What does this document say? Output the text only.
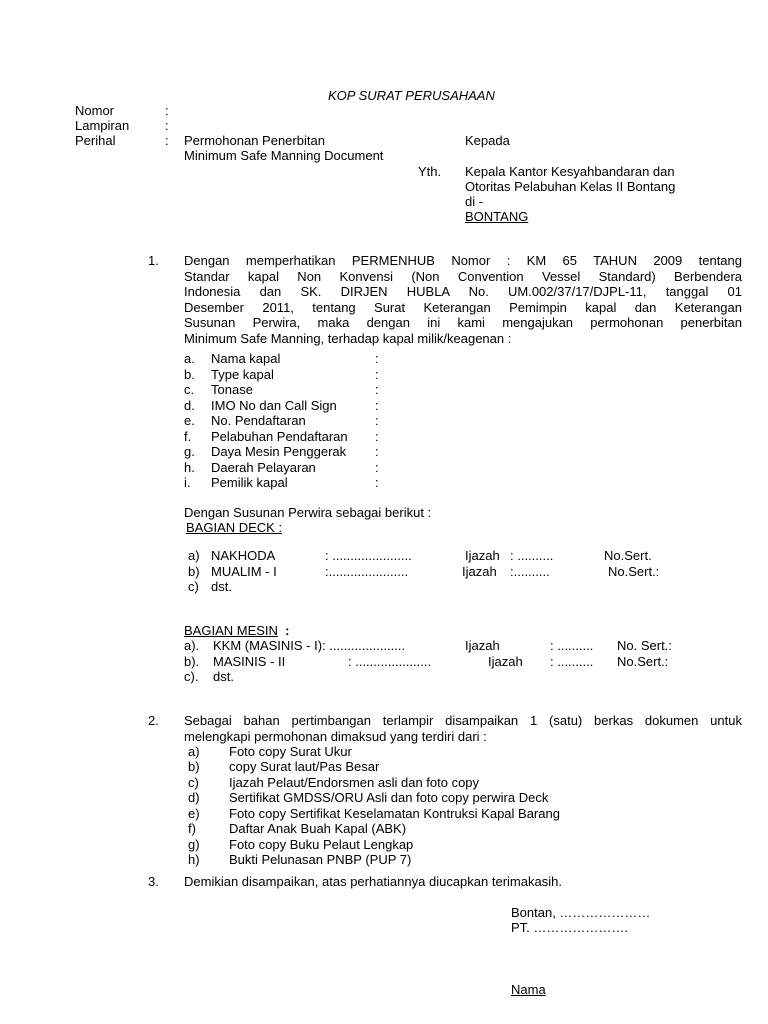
KOP SURAT PERUSAHAAN
Nomor	:
Lampiran	:
Perihal	: Permohonan Penerbitan
Minimum Safe Manning Document
Kepada
Yth. Kepala Kantor Kesyahbandaran dan
Otoritas Pelabuhan Kelas II Bontang
di -
BONTANG
1. Dengan memperhatikan PERMENHUB Nomor : KM 65 TAHUN 2009 tentang
Standar kapal Non Konvensi (Non Convention Vessel Standard) Berbendera
Indonesia dan SK. DIRJEN HUBLA No. UM.002/37/17/DJPL-11, tanggal 01
Desember 2011, tentang Surat Keterangan Pemimpin kapal dan Keterangan
Susunan Perwira, maka dengan ini kami mengajukan permohonan penerbitan
Minimum Safe Manning, terhadap kapal milik/keagenan :
a. Nama kapal	:
b. Type kapal	:
c. Tonase	:
d. IMO No dan Call Sign	:
e. No. Pendaftaran	:
f. Pelabuhan Pendaftaran :
g. Daya Mesin Penggerak :
h. Daerah Pelayaran	:
i. Pemilik kapal	:
Dengan Susunan Perwira sebagai berikut :
BAGIAN DECK :
a) NAKHODA	: ......................	Ijazah : ..........	No.Sert.
b) MUALIM - I	:......................	Ijazah :..........	No.Sert.:
c) dst.
BAGIAN MESIN :
a). KKM (MASINIS - I): .....................	Ijazah	: .......... No. Sert.:
b). MASINIS - II	: .....................	Ijazah : .......... No.Sert.:
c). dst.
2. Sebagai bahan pertimbangan terlampir disampaikan 1 (satu) berkas dokumen untuk
melengkapi permohonan dimaksud yang terdiri dari :
a) Foto copy Surat Ukur
b) copy Surat laut/Pas Besar
c) Ijazah Pelaut/Endorsmen asli dan foto copy
d) Sertifikat GMDSS/ORU Asli dan foto copy perwira Deck
e) Foto copy Sertifikat Keselamatan Kontruksi Kapal Barang
f)	Daftar Anak Buah Kapal (ABK)
g) Foto copy Buku Pelaut Lengkap
h) Bukti Pelunasan PNBP (PUP 7)
3. Demikian disampaikan, atas perhatiannya diucapkan terimakasih.
Bontan, …………………
PT. ………………….
Nama
